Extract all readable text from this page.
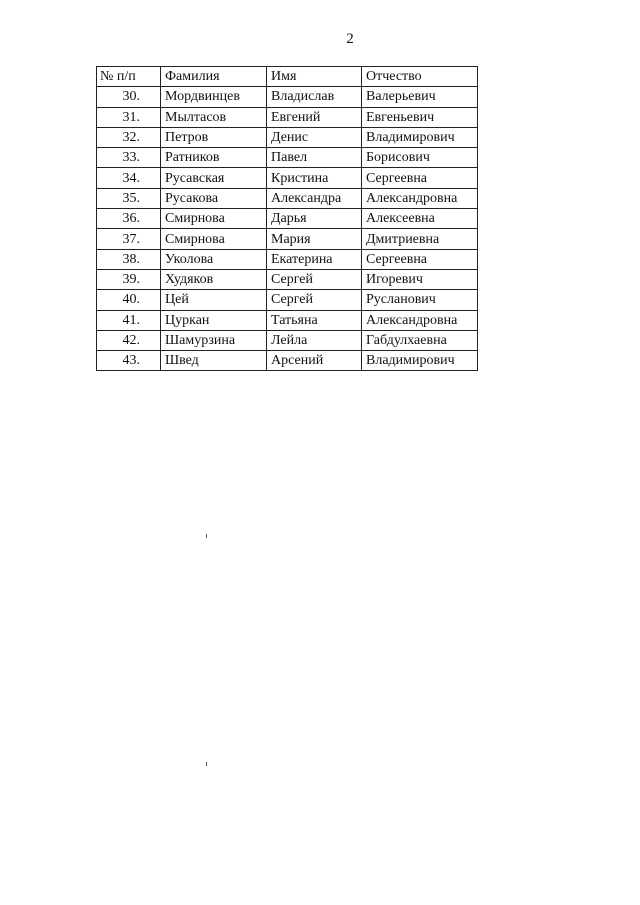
2
№ п/п	Фамилия	Имя	Отчество
30.	Мордвинцев	Владислав	Валерьевич
31.	Мылтасов	Евгений	Евгеньевич
32.	Петров	Денис	Владимирович
33.	Ратников	Павел	Борисович
34.	Русавская	Кристина	Сергеевна
35.	Русакова	Александра	Александровна
36.	Смирнова	Дарья	Алексеевна
37.	Смирнова	Мария	Дмитриевна
38.	Уколова	Екатерина	Сергеевна
39.	Худяков	Сергей	Игоревич
40.	Цей	Сергей	Русланович
41.	Цуркан	Татьяна	Александровна
42.	Шамурзина	Лейла	Габдулхаевна
43.	Швед	Арсений	Владимирович
